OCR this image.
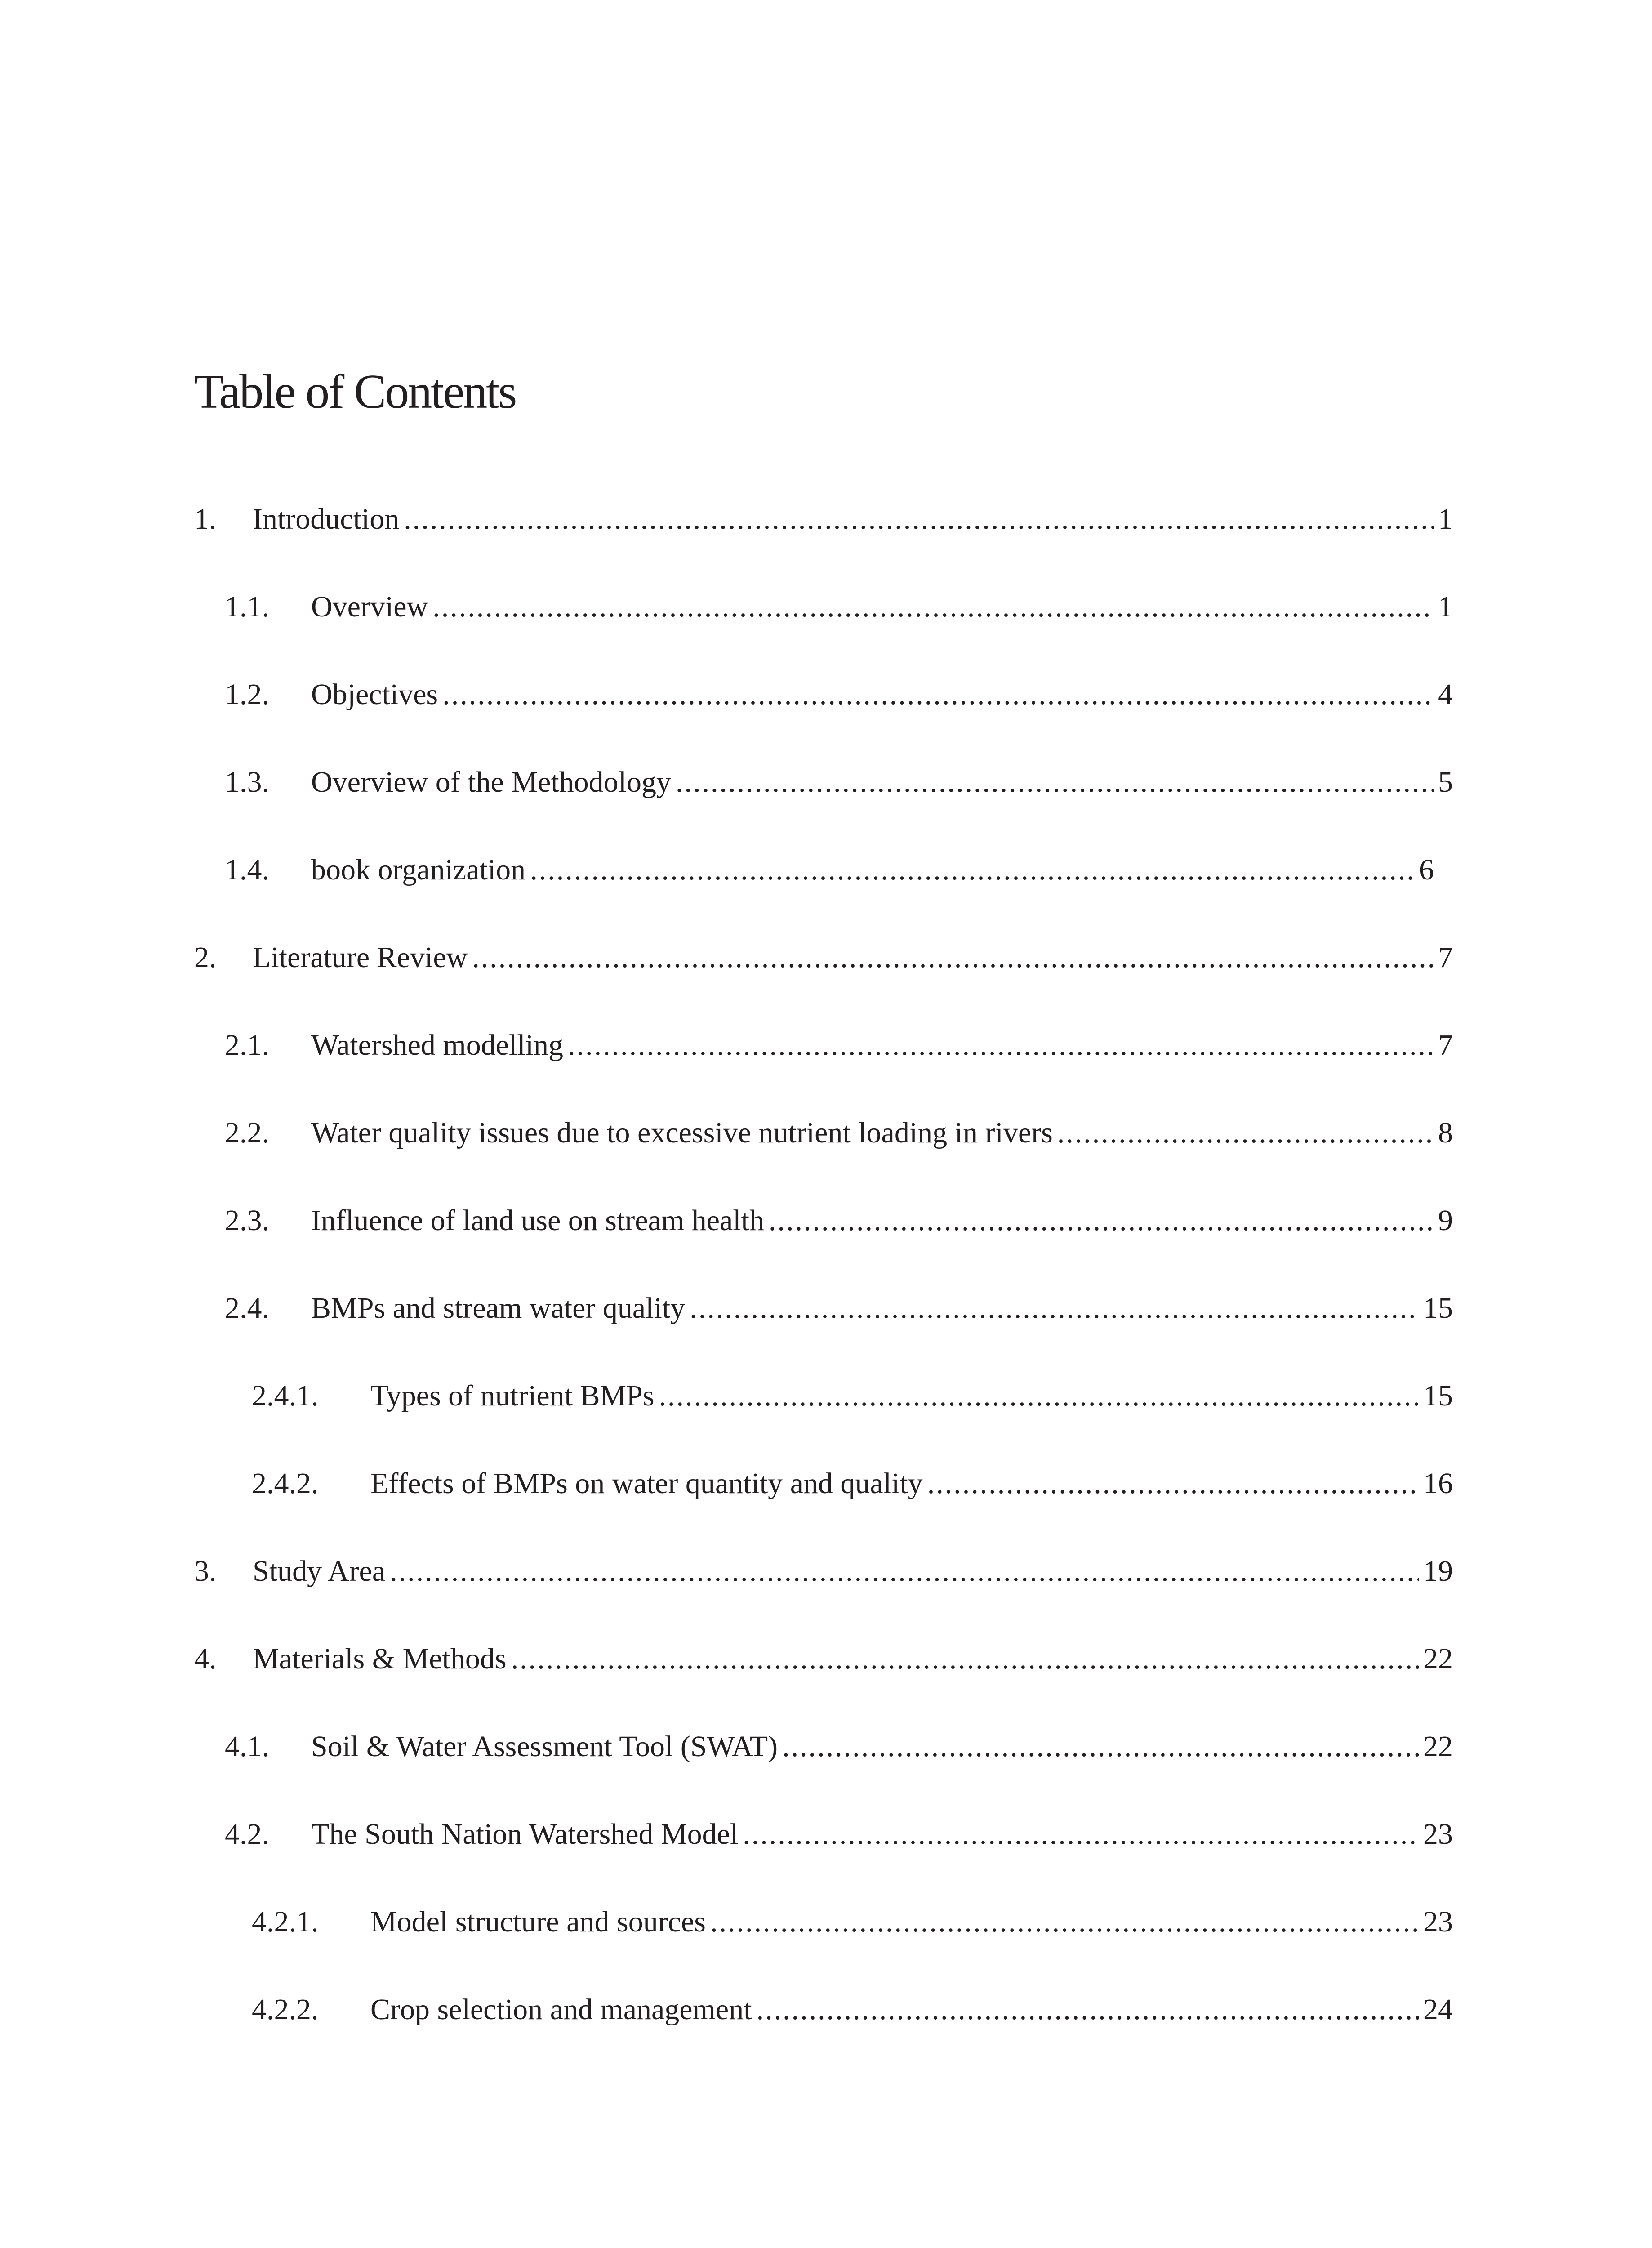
Table of Contents
1.	Introduction .....	1
1.1.	Overview .....	1
1.2.	Objectives .....	4
1.3.	Overview of the Methodology .....	5
1.4.	book organization .....	6
2.	Literature Review .....	7
2.1.	Watershed modelling .....	7
2.2.	Water quality issues due to excessive nutrient loading in rivers .....	8
2.3.	Influence of land use on stream health .....	9
2.4.	BMPs and stream water quality .....	15
2.4.1.	Types of nutrient BMPs .....	15
2.4.2.	Effects of BMPs on water quantity and quality .....	16
3.	Study Area .....	19
4.	Materials & Methods .....	22
4.1.	Soil & Water Assessment Tool (SWAT) .....	22
4.2.	The South Nation Watershed Model .....	23
4.2.1.	Model structure and sources .....	23
4.2.2.	Crop selection and management .....	24
